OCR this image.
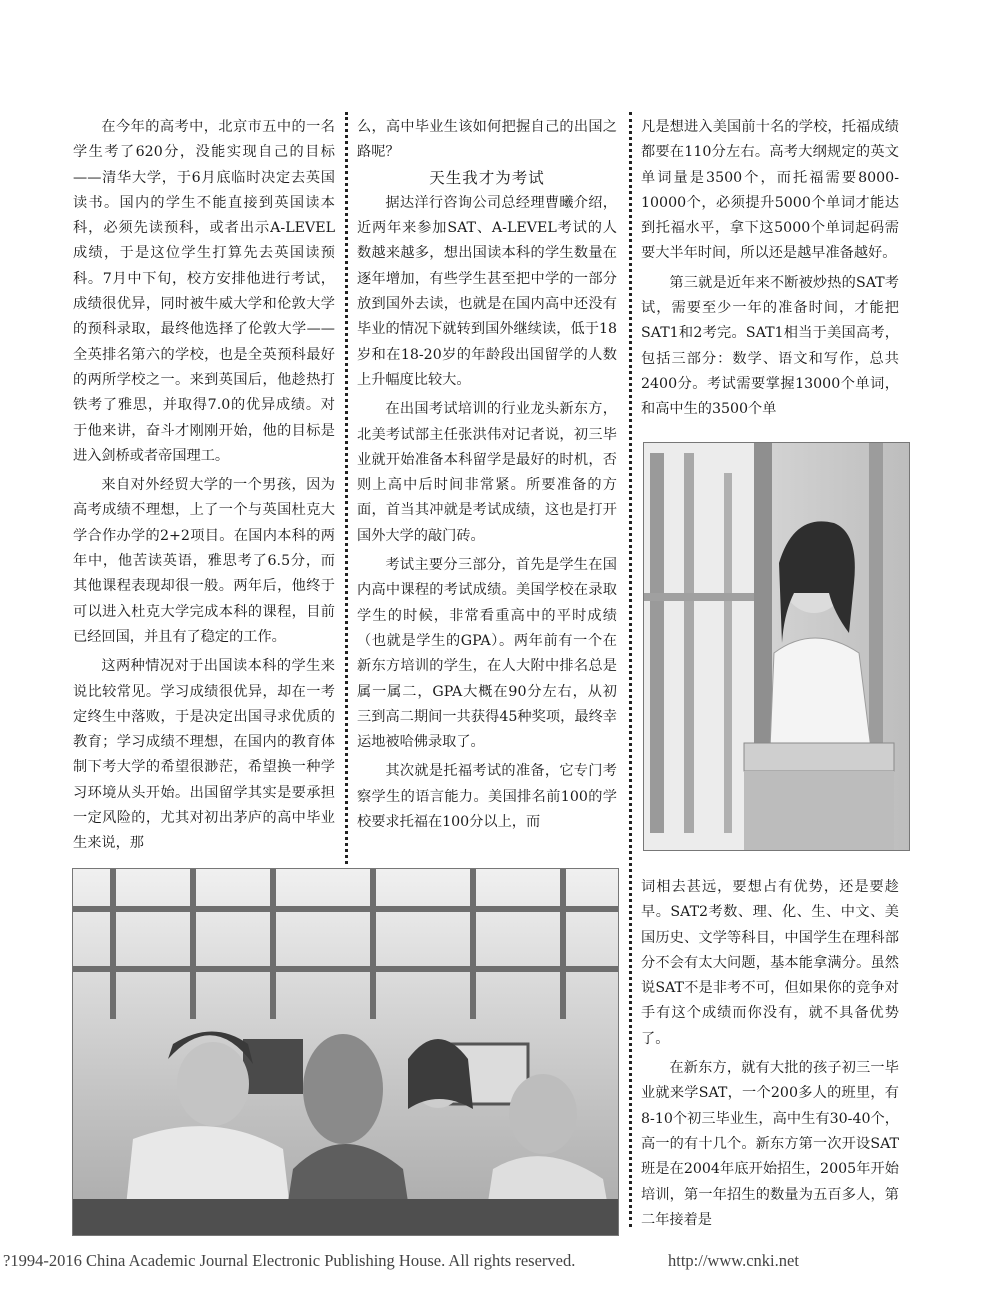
在今年的高考中，北京市五中的一名学生考了620分，没能实现自己的目标——清华大学，于6月底临时决定去英国读书。国内的学生不能直接到英国读本科，必须先读预科，或者出示A-LEVEL成绩，于是这位学生打算先去英国读预科。7月中下旬，校方安排他进行考试，成绩很优异，同时被牛威大学和伦敦大学的预科录取，最终他选择了伦敦大学——全英排名第六的学校，也是全英预科最好的两所学校之一。来到英国后，他趁热打铁考了雅思，并取得7.0的优异成绩。对于他来讲，奋斗才刚刚开始，他的目标是进入剑桥或者帝国理工。

来自对外经贸大学的一个男孩，因为高考成绩不理想，上了一个与英国杜克大学合作办学的2+2项目。在国内本科的两年中，他苦读英语，雅思考了6.5分，而其他课程表现却很一般。两年后，他终于可以进入杜克大学完成本科的课程，目前已经回国，并且有了稳定的工作。

这两种情况对于出国读本科的学生来说比较常见。学习成绩很优异，却在一考定终生中落败，于是决定出国寻求优质的教育；学习成绩不理想，在国内的教育体制下考大学的希望很渺茫，希望换一种学习环境从头开始。出国留学其实是要承担一定风险的，尤其对初出茅庐的高中毕业生来说，那

么，高中毕业生该如何把握自己的出国之路呢？

天生我才为考试

据达洋行咨询公司总经理曹曦介绍，近两年来参加SAT、A-LEVEL考试的人数越来越多，想出国读本科的学生数量在逐年增加，有些学生甚至把中学的一部分放到国外去读，也就是在国内高中还没有毕业的情况下就转到国外继续读，低于18岁和在18-20岁的年龄段出国留学的人数上升幅度比较大。

在出国考试培训的行业龙头新东方，北美考试部主任张洪伟对记者说，初三毕业就开始准备本科留学是最好的时机，否则上高中后时间非常紧。所要准备的方面，首当其冲就是考试成绩，这也是打开国外大学的敲门砖。

考试主要分三部分，首先是学生在国内高中课程的考试成绩。美国学校在录取学生的时候，非常看重高中的平时成绩（也就是学生的GPA）。两年前有一个在新东方培训的学生，在人大附中排名总是属一属二，GPA大概在90分左右，从初三到高二期间一共获得45种奖项，最终幸运地被哈佛录取了。

其次就是托福考试的准备，它专门考察学生的语言能力。美国排名前100的学校要求托福在100分以上，而

凡是想进入美国前十名的学校，托福成绩都要在110分左右。高考大纲规定的英文单词量是3500个，而托福需要8000-10000个，必须提升5000个单词才能达到托福水平，拿下这5000个单词起码需要大半年时间，所以还是越早准备越好。

第三就是近年来不断被炒热的SAT考试，需要至少一年的准备时间，才能把SAT1和2考完。SAT1相当于美国高考，包括三部分：数学、语文和写作，总共2400分。考试需要掌握13000个单词，和高中生的3500个单

词相去甚远，要想占有优势，还是要趁早。SAT2考数、理、化、生、中文、美国历史、文学等科目，中国学生在理科部分不会有太大问题，基本能拿满分。虽然说SAT不是非考不可，但如果你的竞争对手有这个成绩而你没有，就不具备优势了。

在新东方，就有大批的孩子初三一毕业就来学SAT，一个200多人的班里，有8-10个初三毕业生，高中生有30-40个，高一的有十几个。新东方第一次开设SAT班是在2004年底开始招生，2005年开始培训，第一年招生的数量为五百多人，第二年接着是

?1994-2016 China Academic Journal Electronic Publishing House. All rights reserved.	http://www.cnki.net
